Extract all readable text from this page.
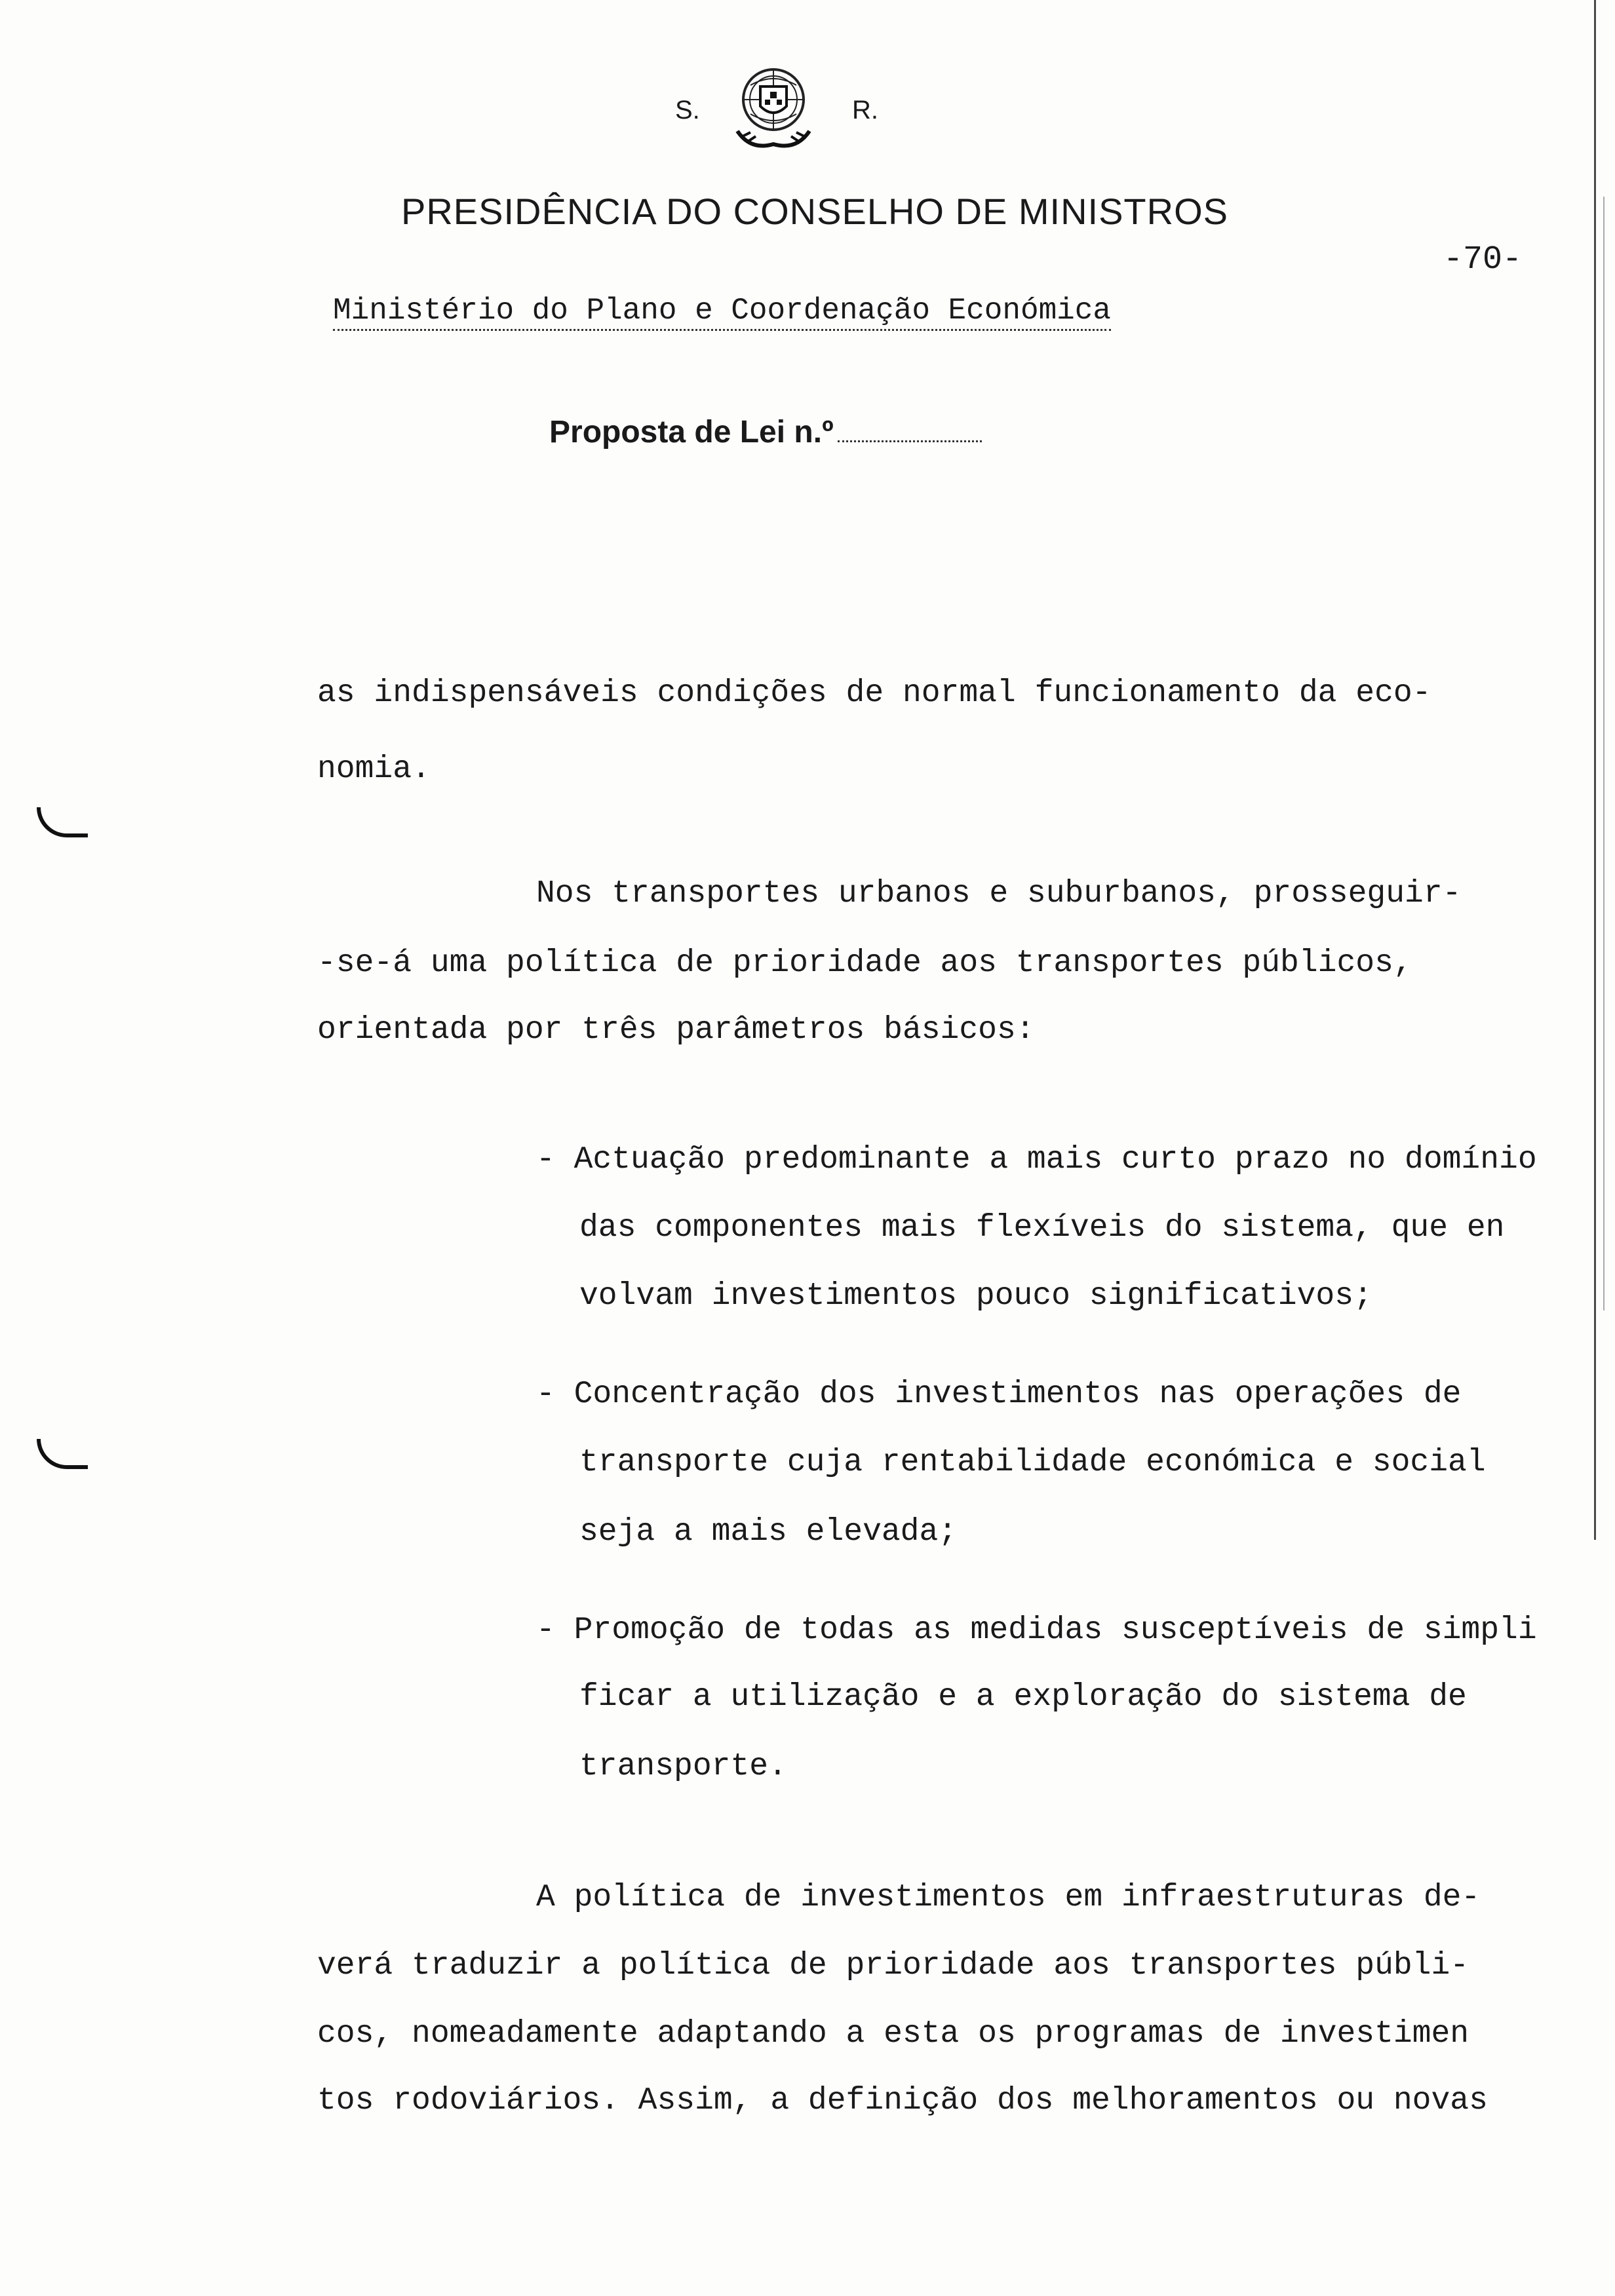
S.	R.
PRESIDÊNCIA DO CONSELHO DE MINISTROS
-70-
Ministério do Plano e Coordenação Económica
Proposta de Lei n.º
as indispensáveis condições de normal funcionamento da eco-
nomia.
Nos transportes urbanos e suburbanos, prosseguir-
-se-á uma política de prioridade aos transportes públicos,
orientada por três parâmetros básicos:
- Actuação predominante a mais curto prazo no domínio
das componentes mais flexíveis do sistema, que en
volvam investimentos pouco significativos;
- Concentração dos investimentos nas operações de
transporte cuja rentabilidade económica e social
seja a mais elevada;
- Promoção de todas as medidas susceptíveis de simpli
ficar a utilização e a exploração do sistema de
transporte.
A política de investimentos em infraestruturas de-
verá traduzir a política de prioridade aos transportes públi-
cos, nomeadamente adaptando a esta os programas de investimen
tos rodoviários. Assim, a definição dos melhoramentos ou novas
